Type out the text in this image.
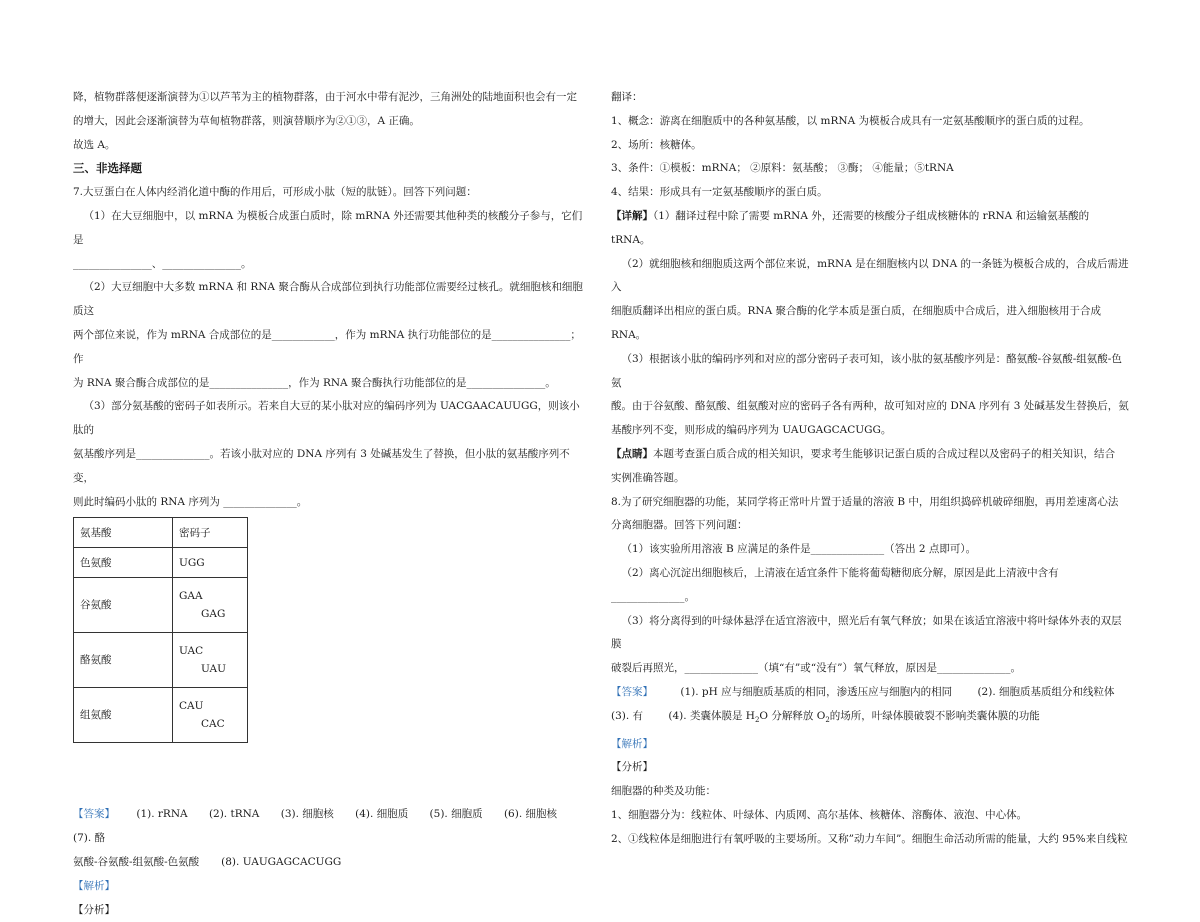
降，植物群落便逐渐演替为①以芦苇为主的植物群落，由于河水中带有泥沙，三角洲处的陆地面积也会有一定

的增大，因此会逐渐演替为草甸植物群落，则演替顺序为②①③，A 正确。

故选 A。

三、非选择题

7.大豆蛋白在人体内经消化道中酶的作用后，可形成小肽（短的肽链）。回答下列问题：

（1）在大豆细胞中，以 mRNA 为模板合成蛋白质时，除 mRNA 外还需要其他种类的核酸分子参与，它们是

_______________、_______________。

（2）大豆细胞中大多数 mRNA 和 RNA 聚合酶从合成部位到执行功能部位需要经过核孔。就细胞核和细胞质这

两个部位来说，作为 mRNA 合成部位的是____________，作为 mRNA 执行功能部位的是_______________；作

为 RNA 聚合酶合成部位的是_______________，作为 RNA 聚合酶执行功能部位的是_______________。

（3）部分氨基酸的密码子如表所示。若来自大豆的某小肽对应的编码序列为 UACGAACAUUGG，则该小肽的

氨基酸序列是______________。若该小肽对应的 DNA 序列有 3 处碱基发生了替换，但小肽的氨基酸序列不变，

则此时编码小肽的 RNA 序列为 ______________。

氨基酸	密码子
色氨酸	UGG
谷氨酸	GAA
GAG

酪氨酸	UAC
UAU

组氨酸	CAU
CAC

【答案】 (1). rRNA (2). tRNA (3). 细胞核 (4). 细胞质 (5). 细胞质 (6). 细胞核 (7). 酪

氨酸-谷氨酸-组氨酸-色氨酸 (8). UAUGAGCACUGG

【解析】

【分析】

翻译：

1、概念：游离在细胞质中的各种氨基酸，以 mRNA 为模板合成具有一定氨基酸顺序的蛋白质的过程。

2、场所：核糖体。

3、条件：①模板：mRNA； ②原料：氨基酸； ③酶； ④能量；⑤tRNA

4、结果：形成具有一定氨基酸顺序的蛋白质。

【详解】（1）翻译过程中除了需要 mRNA 外，还需要的核酸分子组成核糖体的 rRNA 和运输氨基酸的 tRNA。

（2）就细胞核和细胞质这两个部位来说，mRNA 是在细胞核内以 DNA 的一条链为模板合成的，合成后需进入

细胞质翻译出相应的蛋白质。RNA 聚合酶的化学本质是蛋白质，在细胞质中合成后，进入细胞核用于合成

RNA。

（3）根据该小肽的编码序列和对应的部分密码子表可知，该小肽的氨基酸序列是：酪氨酸-谷氨酸-组氨酸-色氨

酸。由于谷氨酸、酪氨酸、组氨酸对应的密码子各有两种，故可知对应的 DNA 序列有 3 处碱基发生替换后，氨

基酸序列不变，则形成的编码序列为 UAUGAGCACUGG。

【点睛】本题考查蛋白质合成的相关知识，要求考生能够识记蛋白质的合成过程以及密码子的相关知识，结合

实例准确答题。

8.为了研究细胞器的功能，某同学将正常叶片置于适量的溶液 B 中，用组织捣碎机破碎细胞，再用差速离心法

分离细胞器。回答下列问题：

（1）该实验所用溶液 B 应满足的条件是______________（答出 2 点即可）。

（2）离心沉淀出细胞核后，上清液在适宜条件下能将葡萄糖彻底分解，原因是此上清液中含有

______________。

（3）将分离得到的叶绿体悬浮在适宜溶液中，照光后有氧气释放；如果在该适宜溶液中将叶绿体外表的双层膜

破裂后再照光，______________（填“有”或“没有”）氧气释放，原因是______________。

【答案】	(1). pH 应与细胞质基质的相同，渗透压应与细胞内的相同 (2). 细胞质基质组分和线粒体

(3). 有 (4). 类囊体膜是 $H_2O$ 分解释放 $O_2$的场所，叶绿体膜破裂不影响类囊体膜的功能

【解析】

【分析】

细胞器的种类及功能：

1、细胞器分为：线粒体、叶绿体、内质网、高尔基体、核糖体、溶酶体、液泡、中心体。

2、①线粒体是细胞进行有氧呼吸的主要场所。又称”动力车间”。细胞生命活动所需的能量，大约 95%来自线粒
